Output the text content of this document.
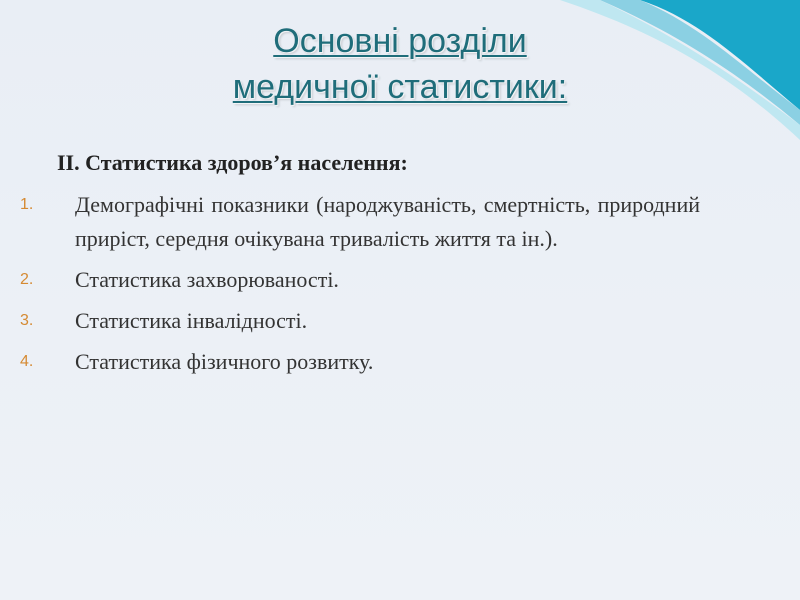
Основні розділи
медичної статистики:
ІІ. Статистика здоров’я населення:
1.	Демографічні показники (народжуваність, смертність, природний приріст, середня очікувана тривалість життя та ін.).
2.	Статистика захворюваності.
3.	Статистика інвалідності.
4.	Статистика фізичного розвитку.
